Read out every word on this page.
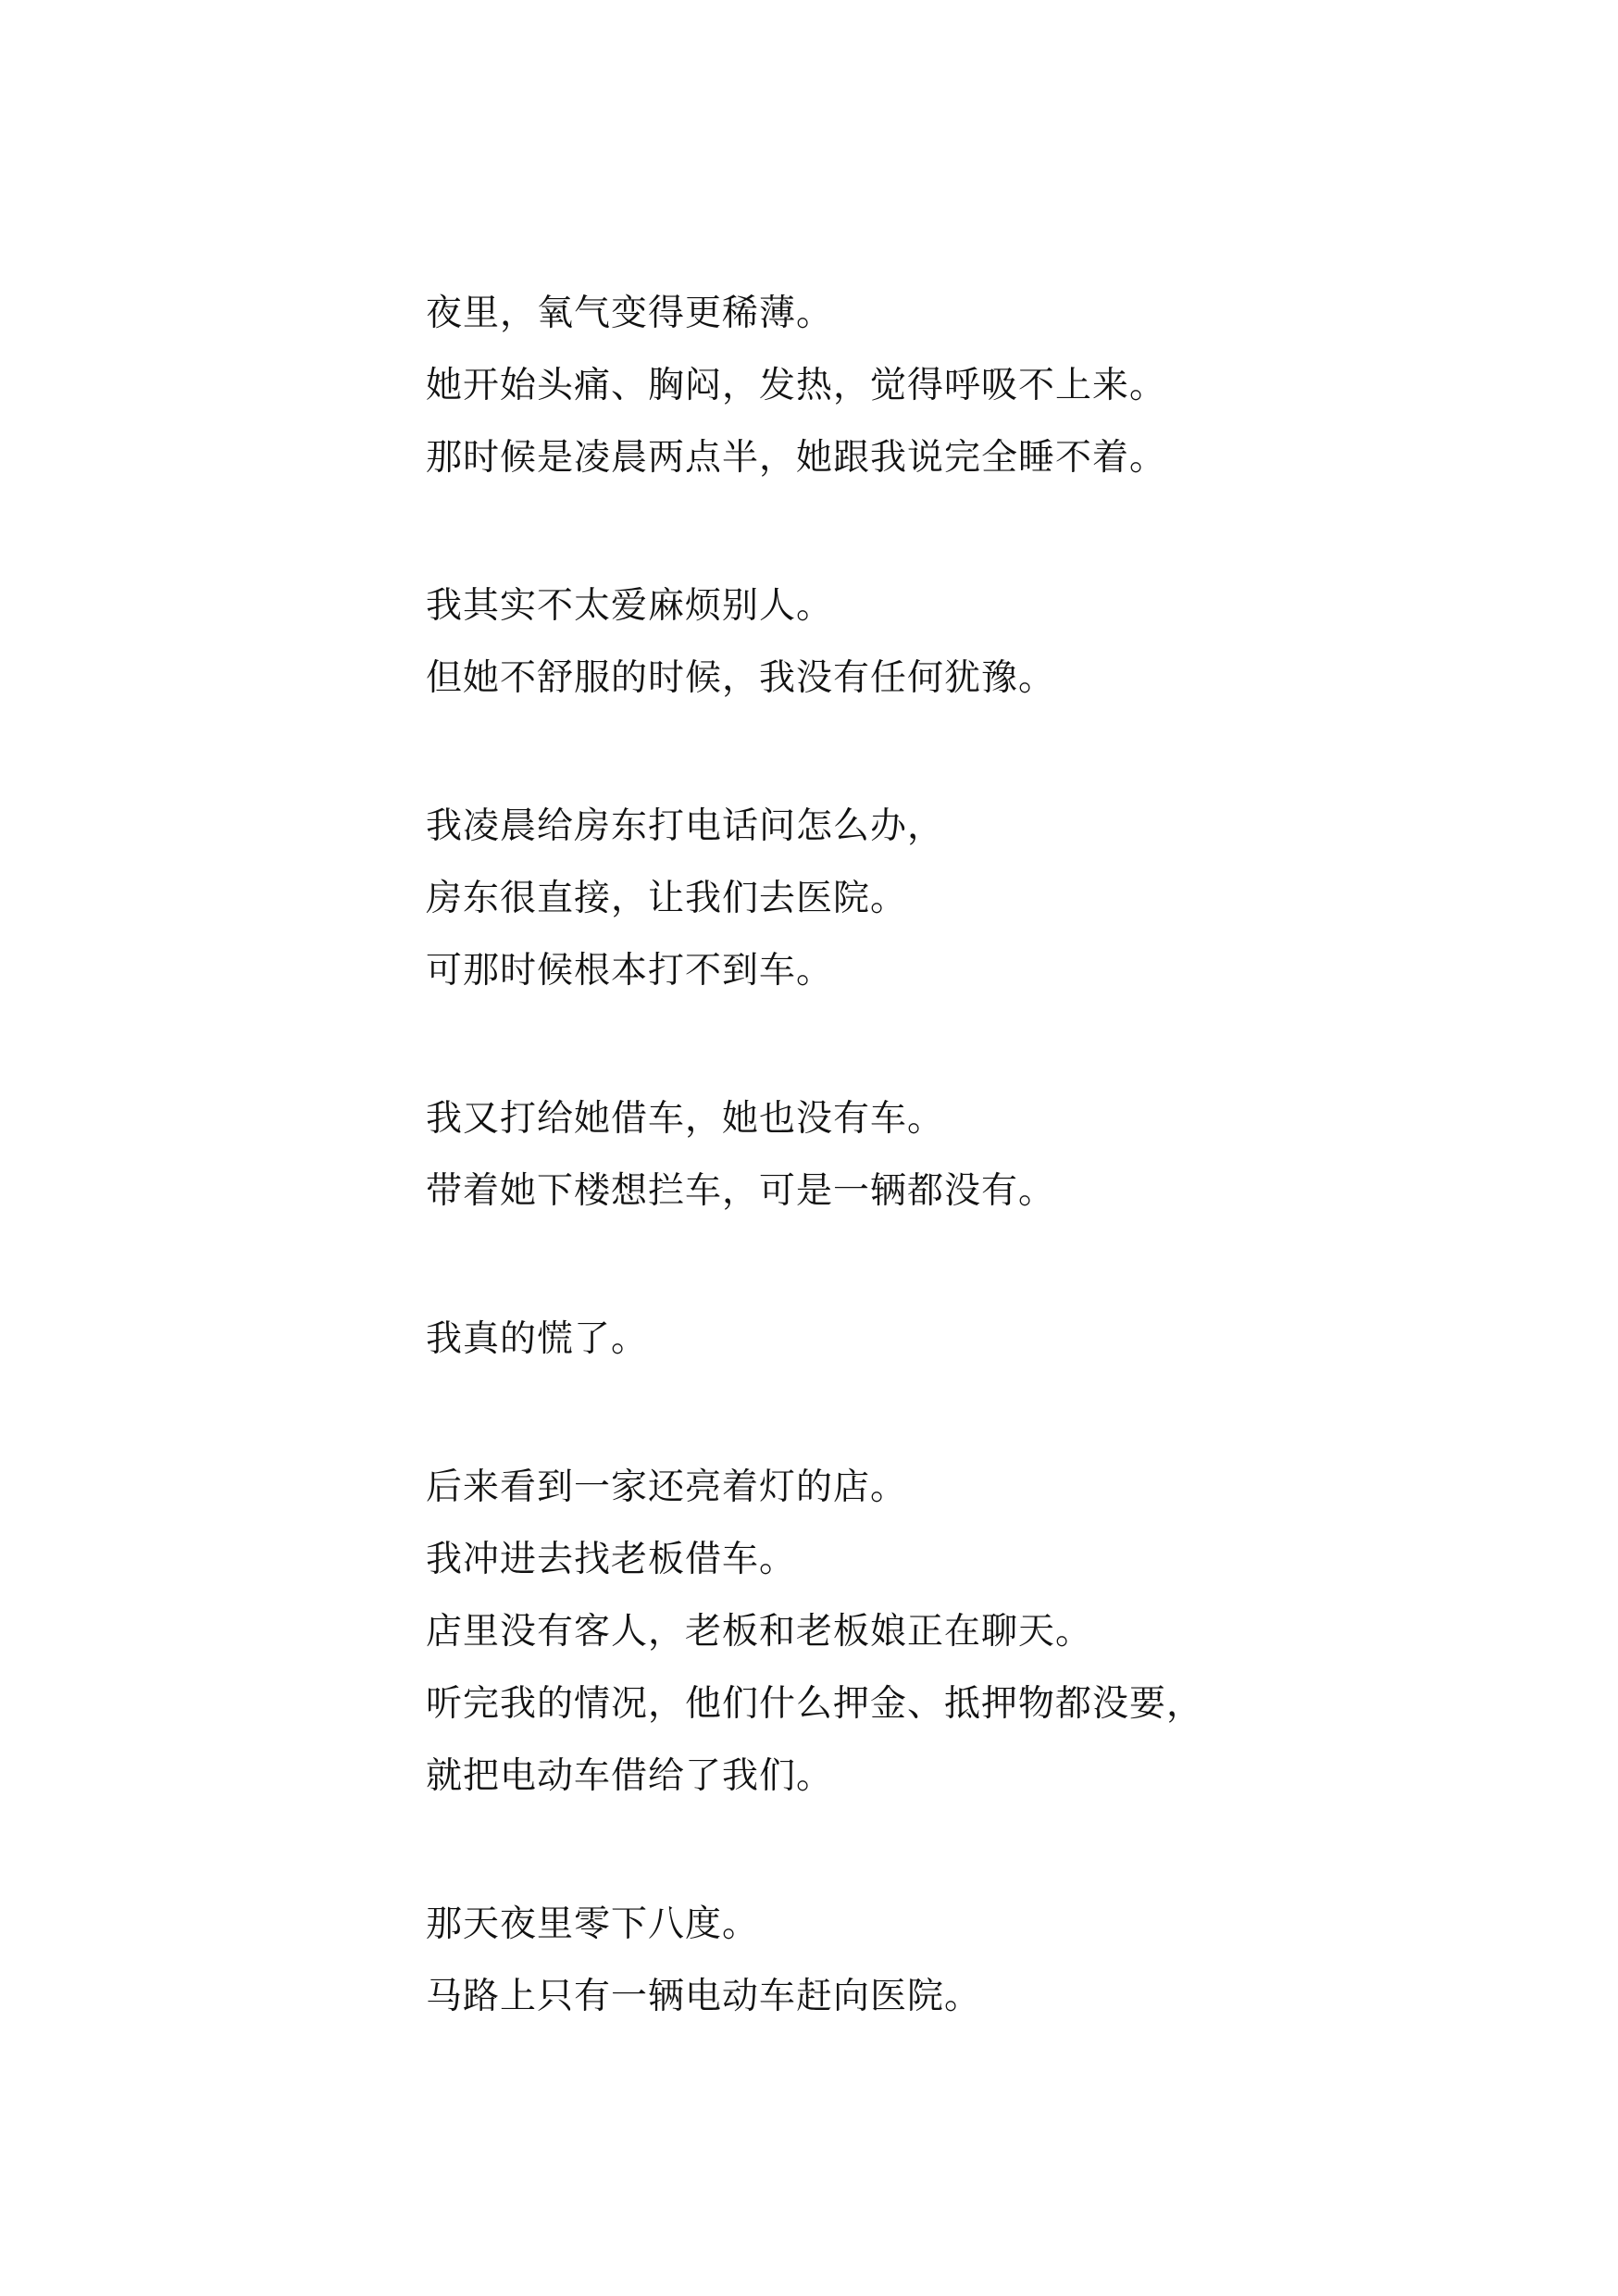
夜里，氧气变得更稀薄。
她开始头痛、胸闷，发热，觉得呼吸不上来。
那时候是凌晨两点半，她跟我说完全睡不着。
我其实不太爱麻烦别人。
但她不舒服的时候，我没有任何犹豫。
我凌晨给房东打电话问怎么办，
房东很直接，让我们去医院。
可那时候根本打不到车。
我又打给她借车，她也没有车。
带着她下楼想拦车，可是一辆都没有。
我真的慌了。
后来看到一家还亮着灯的店。
我冲进去找老板借车。
店里没有客人，老板和老板娘正在聊天。
听完我的情况，他们什么押金、抵押物都没要，
就把电动车借给了我们。
那天夜里零下八度。
马路上只有一辆电动车赶向医院。
